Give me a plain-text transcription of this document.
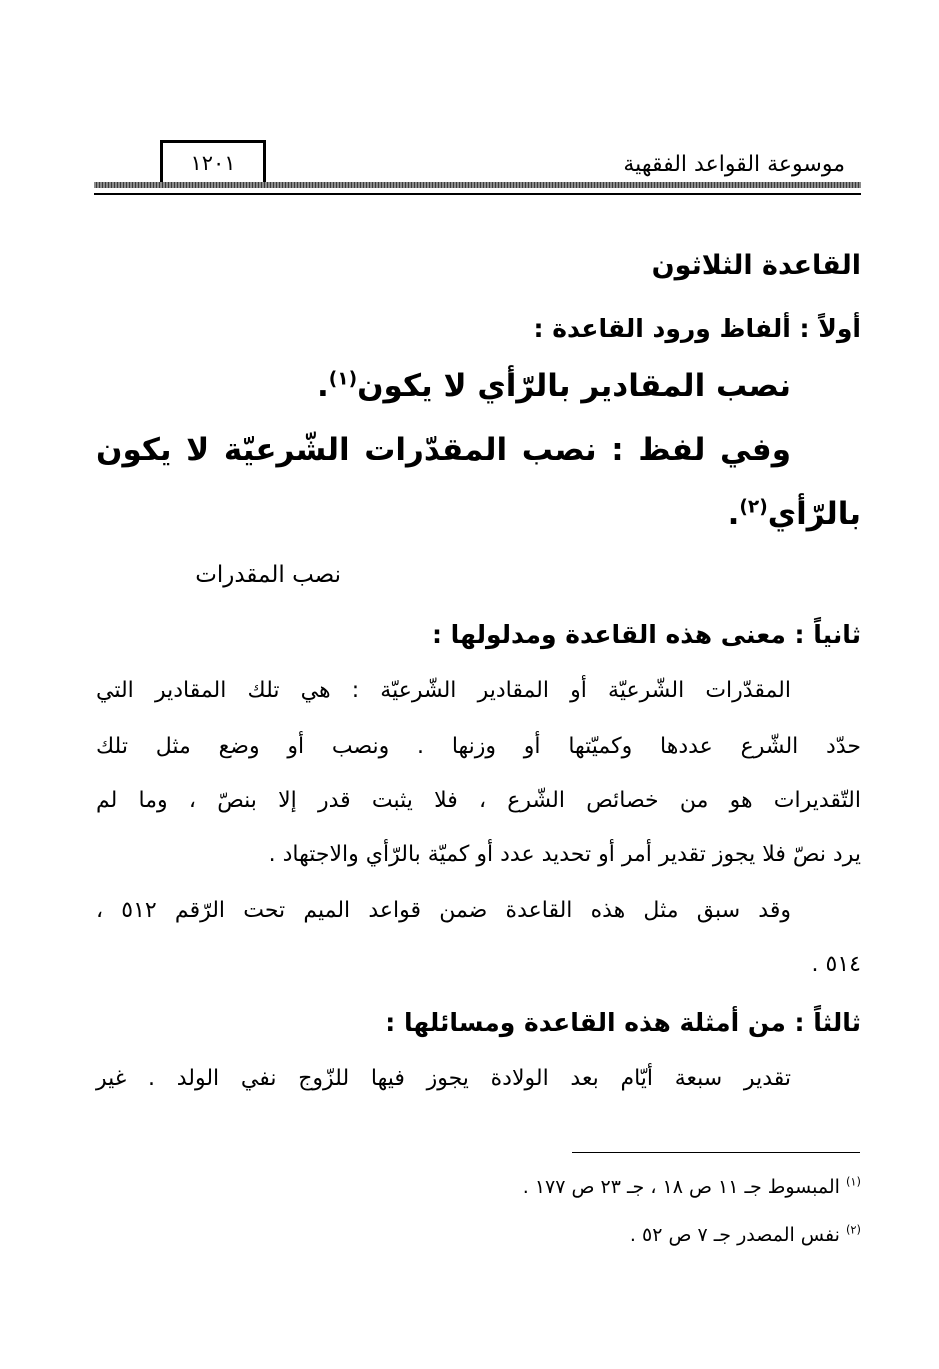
موسوعة القواعد الفقهية
١٢٠١
القاعدة الثلاثون
أولاً : ألفاظ ورود القاعدة :
نصب المقادير بالرّأي لا يكون$^{(١)}$.
وفي لفظ : نصب المقدّرات الشّرعيّة لا يكون
بالرّأي$^{(٢)}$.
نصب المقدرات
ثانياً : معنى هذه القاعدة ومدلولها :
المقدّرات الشّرعيّة أو المقادير الشّرعيّة : هي تلك المقادير التي
حدّد الشّرع عددها وكميّتها أو وزنها . ونصب أو وضع مثل تلك
التّقديرات هو من خصائص الشّرع ، فلا يثبت قدر إلا بنصّ ، وما لم
يرد نصّ فلا يجوز تقدير أمر أو تحديد عدد أو كميّة بالرّأي والاجتهاد .
وقد سبق مثل هذه القاعدة ضمن قواعد الميم تحت الرّقم ٥١٢ ،
٥١٤ .
ثالثاً : من أمثلة هذه القاعدة ومسائلها :
تقدير سبعة أيّام بعد الولادة يجوز فيها للزّوج نفي الولد . غير
$^{(١)}$ المبسوط جـ ١١ ص ١٨ ، جـ ٢٣ ص ١٧٧ .
$^{(٢)}$ نفس المصدر جـ ٧ ص ٥٢ .
